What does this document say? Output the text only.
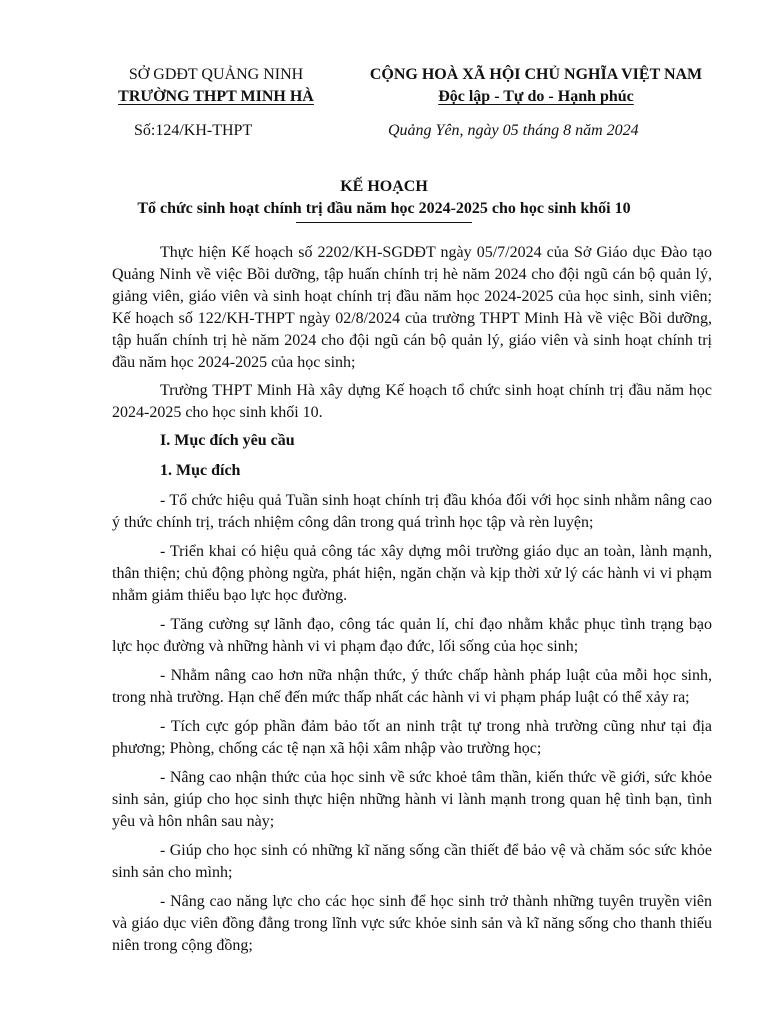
SỞ GDĐT QUẢNG NINH
TRƯỜNG THPT MINH HÀ
CỘNG HOÀ XÃ HỘI CHỦ NGHĨA VIỆT NAM
Độc lập - Tự do - Hạnh phúc
Số:124/KH-THPT	Quảng Yên, ngày 05 tháng 8 năm 2024
KẾ HOẠCH
Tổ chức sinh hoạt chính trị đầu năm học 2024-2025 cho học sinh khối 10

Thực hiện Kế hoạch số 2202/KH-SGDĐT ngày 05/7/2024 của Sở Giáo dục Đào tạo Quảng Ninh về việc Bồi dưỡng, tập huấn chính trị hè năm 2024 cho đội ngũ cán bộ quản lý, giảng viên, giáo viên và sinh hoạt chính trị đầu năm học 2024-2025 của học sinh, sinh viên; Kế hoạch số 122/KH-THPT ngày 02/8/2024 của trường THPT Minh Hà về việc Bồi dưỡng, tập huấn chính trị hè năm 2024 cho đội ngũ cán bộ quản lý, giáo viên và sinh hoạt chính trị đầu năm học 2024-2025 của học sinh;

Trường THPT Minh Hà xây dựng Kế hoạch tổ chức sinh hoạt chính trị đầu năm học 2024-2025 cho học sinh khối 10.

I. Mục đích yêu cầu

1. Mục đích

- Tổ chức hiệu quả Tuần sinh hoạt chính trị đầu khóa đối với học sinh nhằm nâng cao ý thức chính trị, trách nhiệm công dân trong quá trình học tập và rèn luyện;

- Triển khai có hiệu quả công tác xây dựng môi trường giáo dục an toàn, lành mạnh, thân thiện; chủ động phòng ngừa, phát hiện, ngăn chặn và kịp thời xử lý các hành vi vi phạm nhằm giảm thiểu bạo lực học đường.

- Tăng cường sự lãnh đạo, công tác quản lí, chỉ đạo nhằm khắc phục tình trạng bạo lực học đường và những hành vi vi phạm đạo đức, lối sống của học sinh;

- Nhằm nâng cao hơn nữa nhận thức, ý thức chấp hành pháp luật của mỗi học sinh, trong nhà trường. Hạn chế đến mức thấp nhất các hành vi vi phạm pháp luật có thể xảy ra;

- Tích cực góp phần đảm bảo tốt an ninh trật tự trong nhà trường cũng như tại địa phương; Phòng, chống các tệ nạn xã hội xâm nhập vào trường học;

- Nâng cao nhận thức của học sinh về sức khoẻ tâm thần, kiến thức về giới, sức khỏe sinh sản, giúp cho học sinh thực hiện những hành vi lành mạnh trong quan hệ tình bạn, tình yêu và hôn nhân sau này;

- Giúp cho học sinh có những kĩ năng sống cần thiết để bảo vệ và chăm sóc sức khỏe sinh sản cho mình;

- Nâng cao năng lực cho các học sinh để học sinh trở thành những tuyên truyền viên và giáo dục viên đồng đẳng trong lĩnh vực sức khỏe sinh sản và kĩ năng sống cho thanh thiếu niên trong cộng đồng;
